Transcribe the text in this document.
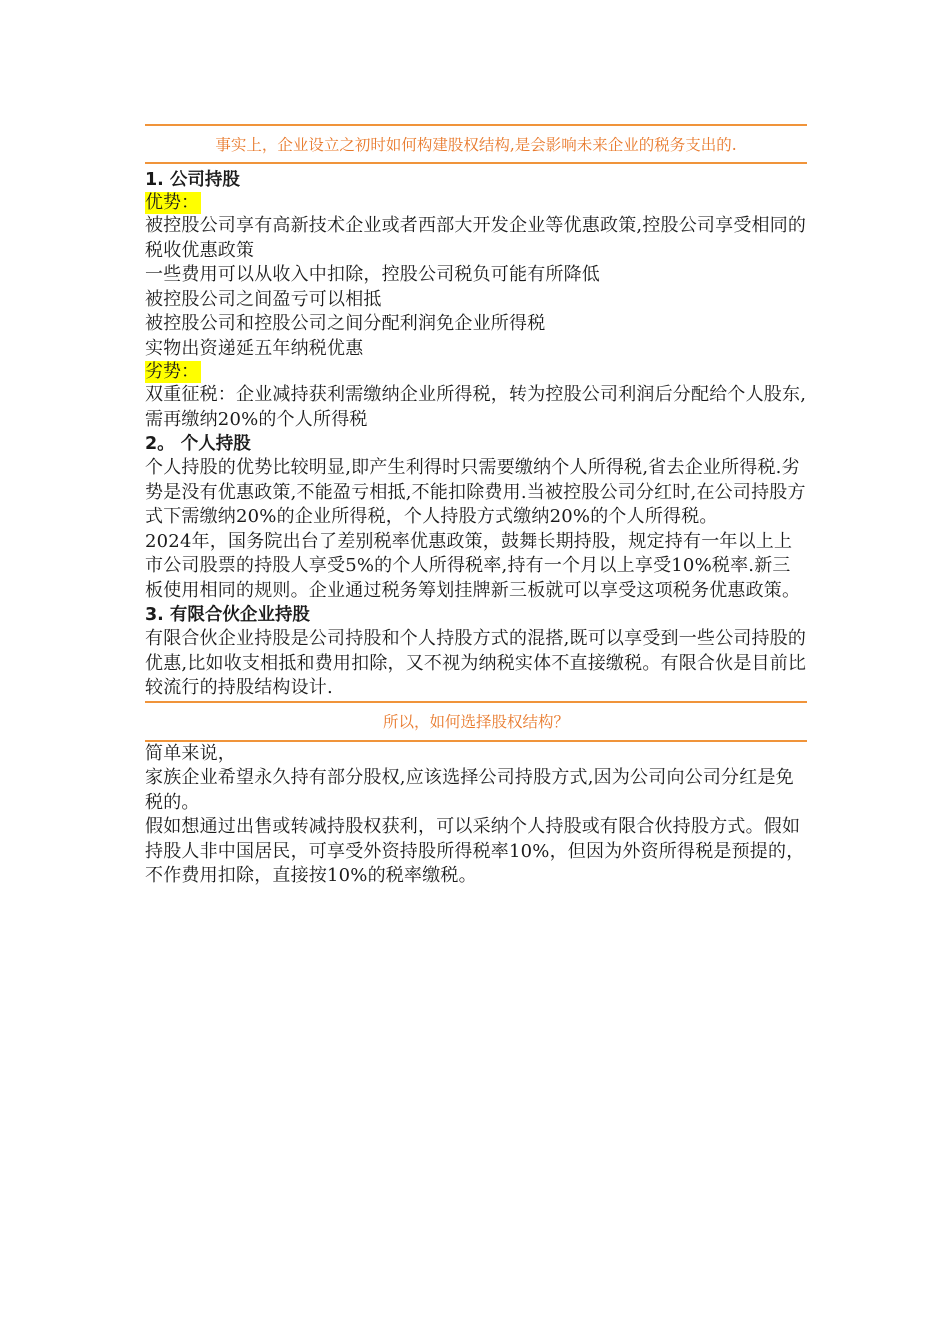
事实上，企业设立之初时如何构建股权结构,是会影响未来企业的税务支出的.

1. 公司持股

优势：

被控股公司享有高新技术企业或者西部大开发企业等优惠政策,控股公司享受相同的税收优惠政策

一些费用可以从收入中扣除，控股公司税负可能有所降低

被控股公司之间盈亏可以相抵

被控股公司和控股公司之间分配利润免企业所得税

实物出资递延五年纳税优惠

劣势：

双重征税：企业减持获利需缴纳企业所得税，转为控股公司利润后分配给个人股东,需再缴纳20%的个人所得税

2。 个人持股

个人持股的优势比较明显,即产生利得时只需要缴纳个人所得税,省去企业所得税.劣势是没有优惠政策,不能盈亏相抵,不能扣除费用.当被控股公司分红时,在公司持股方式下需缴纳20%的企业所得税，个人持股方式缴纳20%的个人所得税。

2024年，国务院出台了差别税率优惠政策，鼓舞长期持股，规定持有一年以上上市公司股票的持股人享受5%的个人所得税率,持有一个月以上享受10%税率.新三板使用相同的规则。企业通过税务筹划挂牌新三板就可以享受这项税务优惠政策。

3. 有限合伙企业持股

有限合伙企业持股是公司持股和个人持股方式的混搭,既可以享受到一些公司持股的优惠,比如收支相抵和费用扣除，又不视为纳税实体不直接缴税。有限合伙是目前比较流行的持股结构设计.

所以，如何选择股权结构？

简单来说，

家族企业希望永久持有部分股权,应该选择公司持股方式,因为公司向公司分红是免税的。

假如想通过出售或转减持股权获利，可以采纳个人持股或有限合伙持股方式。假如持股人非中国居民，可享受外资持股所得税率10%，但因为外资所得税是预提的，不作费用扣除，直接按10%的税率缴税。
